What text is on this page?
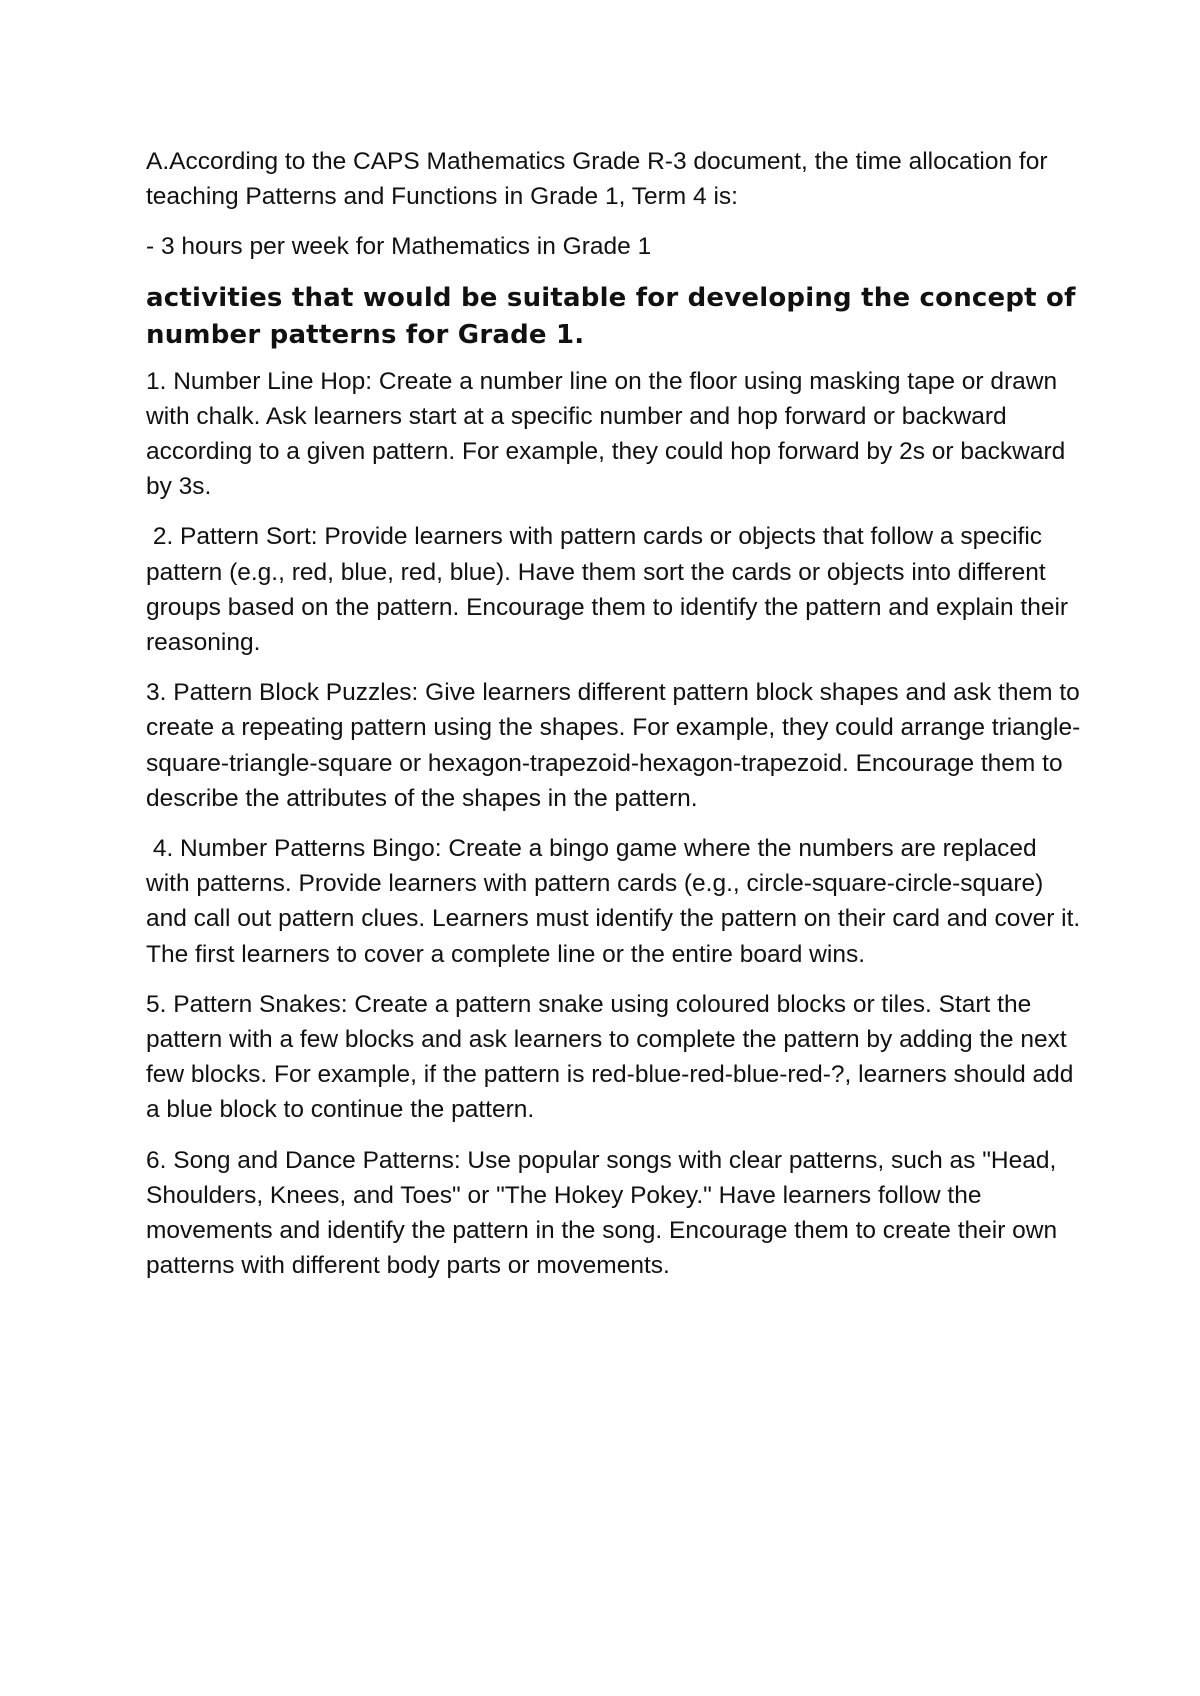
A.According to the CAPS Mathematics Grade R-3 document, the time allocation for teaching Patterns and Functions in Grade 1, Term 4 is:

- 3 hours per week for Mathematics in Grade 1

activities that would be suitable for developing the concept of number patterns for Grade 1.

1. Number Line Hop: Create a number line on the floor using masking tape or drawn with chalk. Ask learners start at a specific number and hop forward or backward according to a given pattern. For example, they could hop forward by 2s or backward by 3s.

2. Pattern Sort: Provide learners with pattern cards or objects that follow a specific pattern (e.g., red, blue, red, blue). Have them sort the cards or objects into different groups based on the pattern. Encourage them to identify the pattern and explain their reasoning.

3. Pattern Block Puzzles: Give learners different pattern block shapes and ask them to create a repeating pattern using the shapes. For example, they could arrange triangle-square-triangle-square or hexagon-trapezoid-hexagon-trapezoid. Encourage them to describe the attributes of the shapes in the pattern.

4. Number Patterns Bingo: Create a bingo game where the numbers are replaced with patterns. Provide learners with pattern cards (e.g., circle-square-circle-square) and call out pattern clues. Learners must identify the pattern on their card and cover it. The first learners to cover a complete line or the entire board wins.

5. Pattern Snakes: Create a pattern snake using coloured blocks or tiles. Start the pattern with a few blocks and ask learners to complete the pattern by adding the next few blocks. For example, if the pattern is red-blue-red-blue-red-?, learners should add a blue block to continue the pattern.

6. Song and Dance Patterns: Use popular songs with clear patterns, such as "Head, Shoulders, Knees, and Toes" or "The Hokey Pokey." Have learners follow the movements and identify the pattern in the song. Encourage them to create their own patterns with different body parts or movements.
